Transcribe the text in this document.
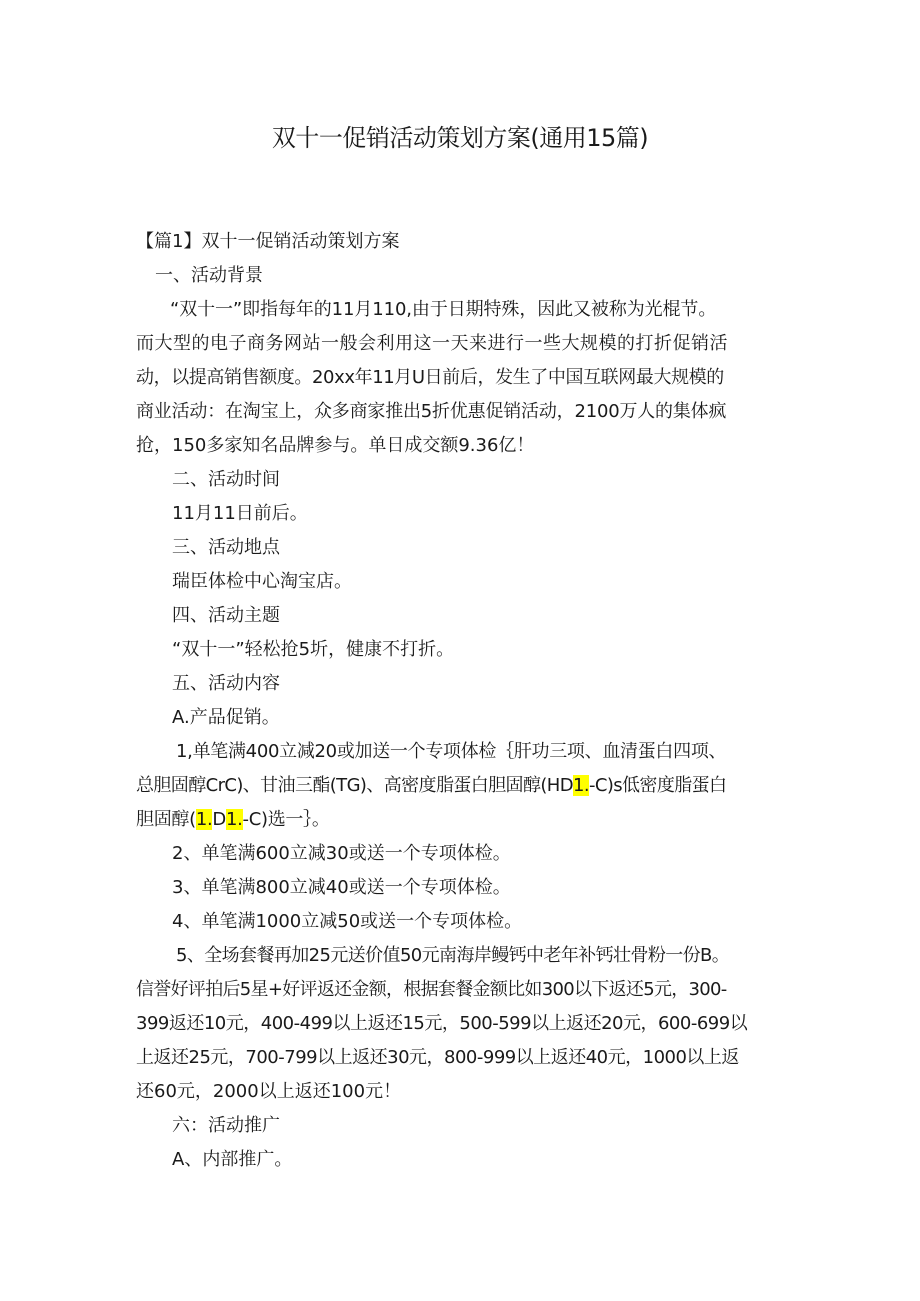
双十一促销活动策划方案(通用15篇)
【篇1】双十一促销活动策划方案
一、活动背景
“双十一”即指每年的11月110,由于日期特殊，因此又被称为光棍节。
而大型的电子商务网站一般会利用这一天来进行一些大规模的打折促销活
动，以提高销售额度。20xx年11月U日前后，发生了中国互联网最大规模的
商业活动：在淘宝上，众多商家推出5折优惠促销活动，2100万人的集体疯
抢，150多家知名品牌参与。单日成交额9.36亿！
二、活动时间
11月11日前后。
三、活动地点
瑞臣体检中心淘宝店。
四、活动主题
“双十一”轻松抢5圻，健康不打折。
五、活动内容
A.产品促销。
1,单笔满400立减20或加送一个专项体检｛肝功三项、血清蛋白四项、
总胆固醇CrC)、甘油三酯(TG)、高密度脂蛋白胆固醇(HD1.-C)s低密度脂蛋白
胆固醇(1.D1.-C)选一｝。
2、单笔满600立减30或送一个专项体检。
3、单笔满800立减40或送一个专项体检。
4、单笔满1000立减50或送一个专项体检。
5、全场套餐再加25元送价值50元南海岸鳗钙中老年补钙壮骨粉一份B。
信誉好评拍后5星+好评返还金额，根据套餐金额比如300以下返还5元，300-
399返还10元，400-499以上返还15元，500-599以上返还20元，600-699以
上返还25元，700-799以上返还30元，800-999以上返还40元，1000以上返
还60元，2000以上返还100元！
六：活动推广
A、内部推广。
